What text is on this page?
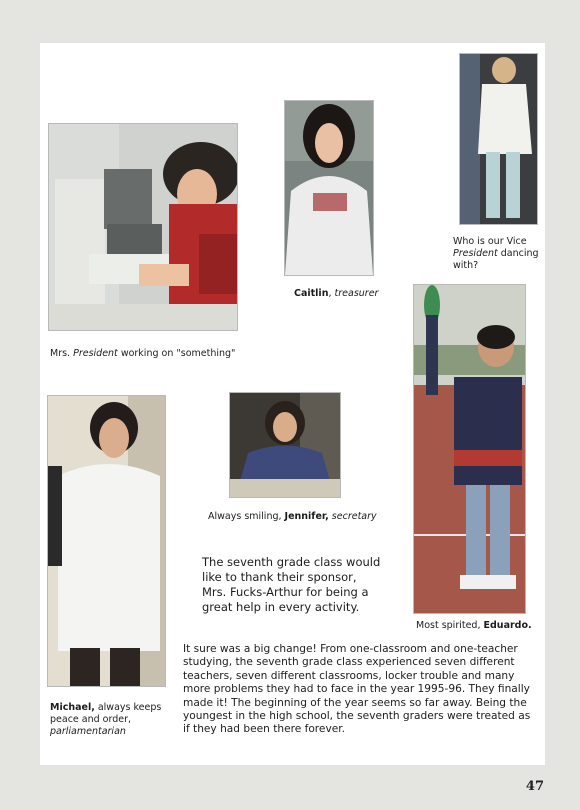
Mrs. President working on "something"
Caitlin, treasurer
Who is our Vice
President dancing
with?
Always smiling, Jennifer, secretary
Most spirited, Eduardo.
Michael, always keeps
peace and order,
parliamentarian
The seventh grade class would
like to thank their sponsor,
Mrs. Fucks-Arthur for being a
great help in every activity.
It sure was a big change! From one-classroom and one-teacher
studying, the seventh grade class experienced seven different
teachers, seven different classrooms, locker trouble and many
more problems they had to face in the year 1995-96. They finally
made it! The beginning of the year seems so far away. Being the
youngest in the high school, the seventh graders were treated as
if they had been there forever.
47
